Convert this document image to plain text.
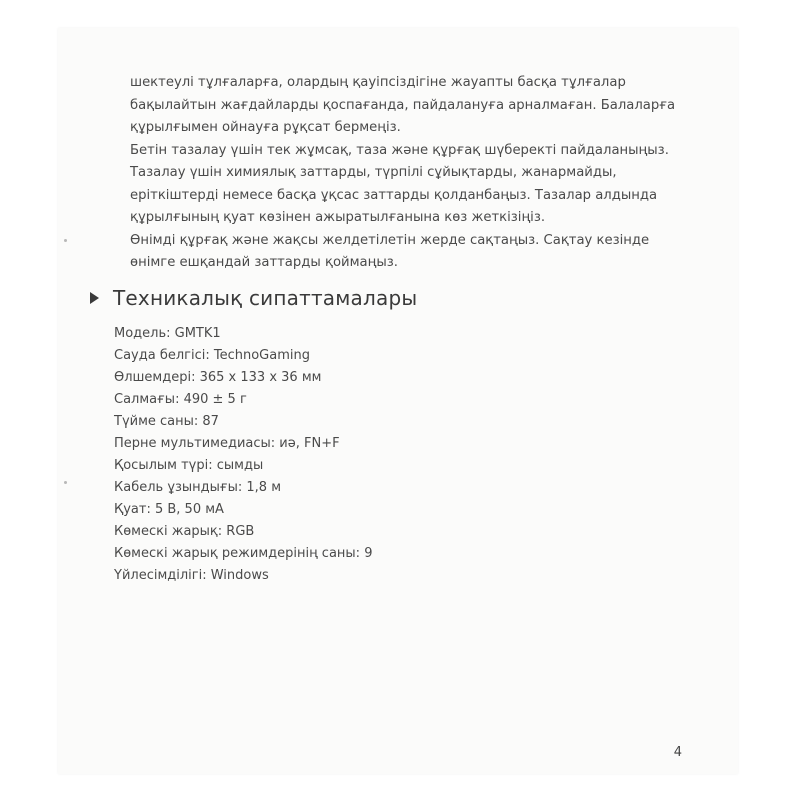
шектеулі тұлғаларға, олардың қауіпсіздігіне жауапты басқа тұлғалар

бақылайтын жағдайларды қоспағанда, пайдалануға арналмаған. Балаларға

құрылғымен ойнауға рұқсат бермеңіз.

Бетін тазалау үшін тек жұмсақ, таза және құрғақ шүберекті пайдаланыңыз.

Тазалау үшін химиялық заттарды, түрпілі сұйықтарды, жанармайды,

еріткіштерді немесе басқа ұқсас заттарды қолданбаңыз. Тазалар алдында

құрылғының қуат көзінен ажыратылғанына көз жеткізіңіз.

Өнімді құрғақ және жақсы желдетілетін жерде сақтаңыз. Сақтау кезінде

өнімге ешқандай заттарды қоймаңыз.

Техникалық сипаттамалары
Модель: GMTK1
Сауда белгісі: TechnoGaming
Өлшемдері: 365 х 133 х 36 мм
Салмағы: 490 ± 5 г
Түйме саны: 87
Перне мультимедиасы: иә, FN+F
Қосылым түрі: сымды
Кабель ұзындығы: 1,8 м
Қуат: 5 В, 50 мА
Көмескі жарық: RGB
Көмескі жарық режимдерінің саны: 9
Үйлесімділігі: Windows
4
